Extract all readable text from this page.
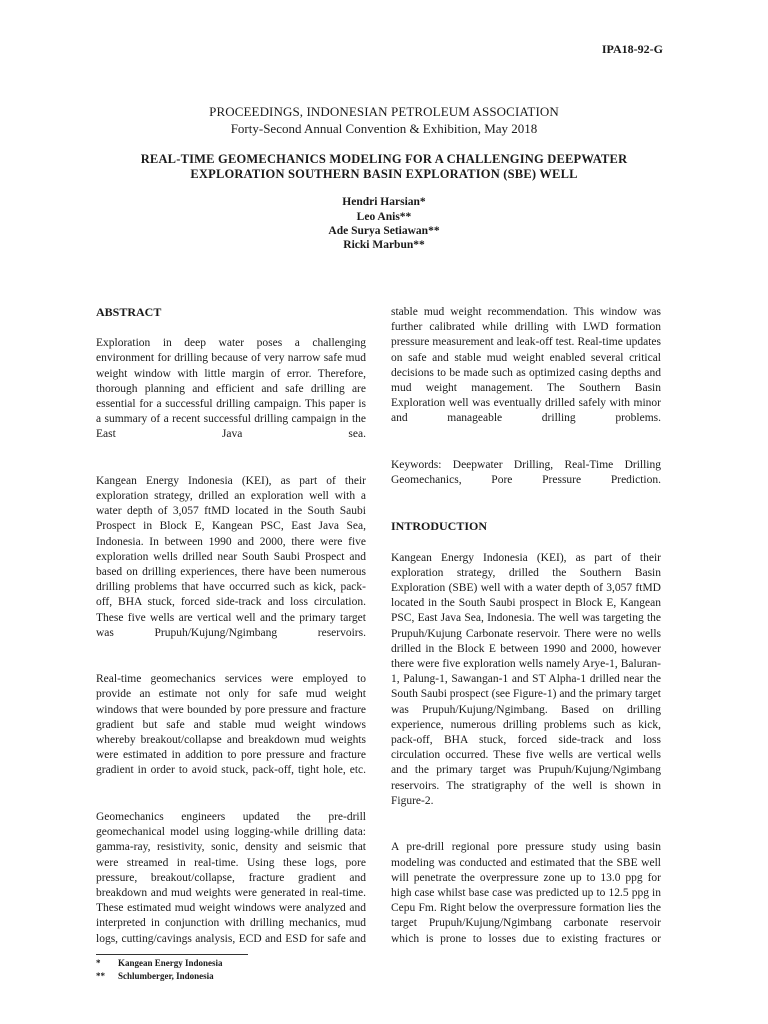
IPA18-92-G
PROCEEDINGS, INDONESIAN PETROLEUM ASSOCIATION
Forty-Second Annual Convention & Exhibition, May 2018
REAL-TIME GEOMECHANICS MODELING FOR A CHALLENGING DEEPWATER
EXPLORATION SOUTHERN BASIN EXPLORATION (SBE) WELL
Hendri Harsian*
Leo Anis**
Ade Surya Setiawan**
Ricki Marbun**
ABSTRACT

Exploration in deep water poses a challenging environment for drilling because of very narrow safe mud weight window with little margin of error. Therefore, thorough planning and efficient and safe drilling are essential for a successful drilling campaign. This paper is a summary of a recent successful drilling campaign in the East Java sea.

Kangean Energy Indonesia (KEI), as part of their exploration strategy, drilled an exploration well with a water depth of 3,057 ftMD located in the South Saubi Prospect in Block E, Kangean PSC, East Java Sea, Indonesia. In between 1990 and 2000, there were five exploration wells drilled near South Saubi Prospect and based on drilling experiences, there have been numerous drilling problems that have occurred such as kick, pack-off, BHA stuck, forced side-track and loss circulation. These five wells are vertical well and the primary target was Prupuh/Kujung/Ngimbang reservoirs.

Real-time geomechanics services were employed to provide an estimate not only for safe mud weight windows that were bounded by pore pressure and fracture gradient but safe and stable mud weight windows whereby breakout/collapse and breakdown mud weights were estimated in addition to pore pressure and fracture gradient in order to avoid stuck, pack-off, tight hole, etc.

Geomechanics engineers updated the pre-drill geomechanical model using logging-while drilling data: gamma-ray, resistivity, sonic, density and seismic that were streamed in real-time. Using these logs, pore pressure, breakout/collapse, fracture gradient and breakdown and mud weights were generated in real-time. These estimated mud weight windows were analyzed and interpreted in conjunction with drilling mechanics, mud logs, cutting/cavings analysis, ECD and ESD for safe and

stable mud weight recommendation. This window was further calibrated while drilling with LWD formation pressure measurement and leak-off test. Real-time updates on safe and stable mud weight enabled several critical decisions to be made such as optimized casing depths and mud weight management. The Southern Basin Exploration well was eventually drilled safely with minor and manageable drilling problems.

Keywords: Deepwater Drilling, Real-Time Drilling Geomechanics, Pore Pressure Prediction.

INTRODUCTION

Kangean Energy Indonesia (KEI), as part of their exploration strategy, drilled the Southern Basin Exploration (SBE) well with a water depth of 3,057 ftMD located in the South Saubi prospect in Block E, Kangean PSC, East Java Sea, Indonesia. The well was targeting the Prupuh/Kujung Carbonate reservoir. There were no wells drilled in the Block E between 1990 and 2000, however there were five exploration wells namely Arye-1, Baluran-1, Palung-1, Sawangan-1 and ST Alpha-1 drilled near the South Saubi prospect (see Figure-1) and the primary target was Prupuh/Kujung/Ngimbang. Based on drilling experience, numerous drilling problems such as kick, pack-off, BHA stuck, forced side-track and loss circulation occurred. These five wells are vertical wells and the primary target was Prupuh/Kujung/Ngimbang reservoirs. The stratigraphy of the well is shown in Figure-2.

A pre-drill regional pore pressure study using basin modeling was conducted and estimated that the SBE well will penetrate the overpressure zone up to 13.0 ppg for high case whilst base case was predicted up to 12.5 ppg in Cepu Fm. Right below the overpressure formation lies the target Prupuh/Kujung/Ngimbang carbonate reservoir which is prone to losses due to existing fractures or

* Kangean Energy Indonesia
** Schlumberger, Indonesia
